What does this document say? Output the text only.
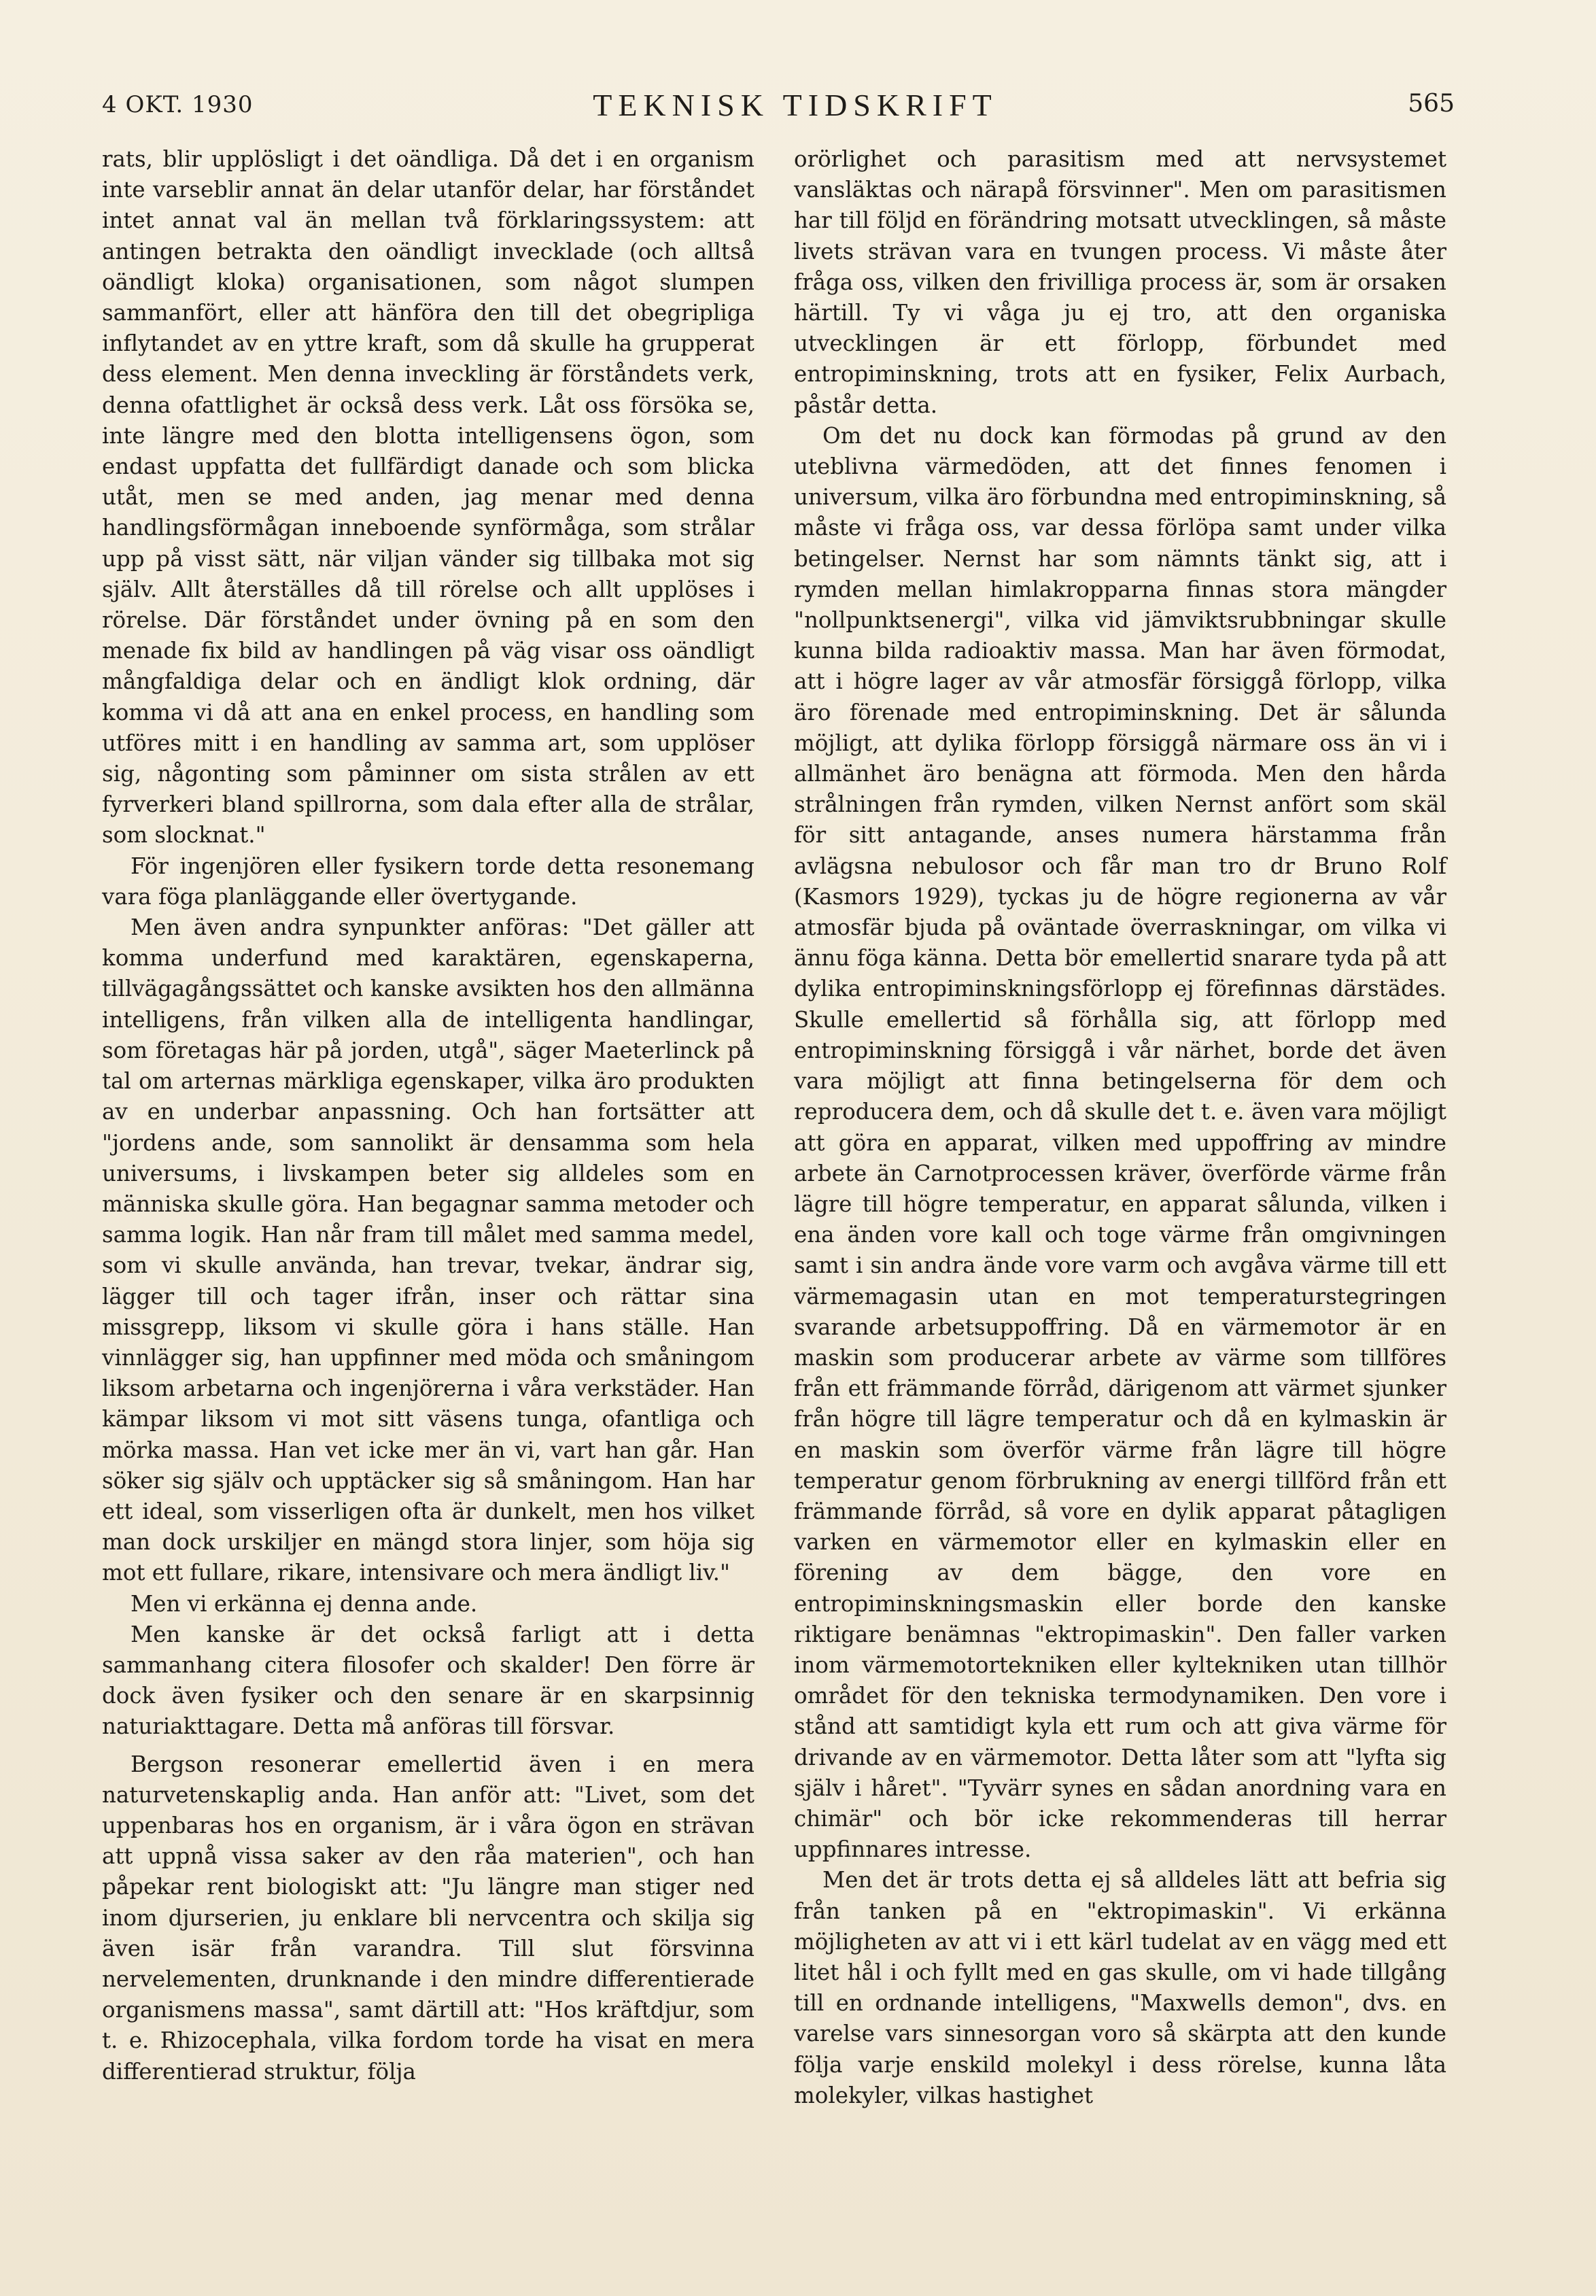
4 OKT. 1930	TEKNISK TIDSKRIFT	565

rats, blir upplösligt i det oändliga. Då det i en organism inte varseblir annat än delar utanför delar, har förståndet intet annat val än mellan två förklaringssystem: att antingen betrakta den oändligt invecklade (och alltså oändligt kloka) organisationen, som något slumpen sammanfört, eller att hänföra den till det obegripliga inflytandet av en yttre kraft, som då skulle ha grupperat dess element. Men denna inveckling är förståndets verk, denna ofattlighet är också dess verk. Låt oss försöka se, inte längre med den blotta intelligensens ögon, som endast uppfatta det fullfärdigt danade och som blicka utåt, men se med anden, jag menar med denna handlingsförmågan inneboende synförmåga, som strålar upp på visst sätt, när viljan vänder sig tillbaka mot sig själv. Allt återställes då till rörelse och allt upplöses i rörelse. Där förståndet under övning på en som den menade fix bild av handlingen på väg visar oss oändligt mångfaldiga delar och en ändligt klok ordning, där komma vi då att ana en enkel process, en handling som utföres mitt i en handling av samma art, som upplöser sig, någonting som påminner om sista strålen av ett fyrverkeri bland spillrorna, som dala efter alla de strålar, som slocknat."

För ingenjören eller fysikern torde detta resonemang vara föga planläggande eller övertygande.

Men även andra synpunkter anföras: "Det gäller att komma underfund med karaktären, egenskaperna, tillvägagångssättet och kanske avsikten hos den allmänna intelligens, från vilken alla de intelligenta handlingar, som företagas här på jorden, utgå", säger Maeterlinck på tal om arternas märkliga egenskaper, vilka äro produkten av en underbar anpassning. Och han fortsätter att "jordens ande, som sannolikt är densamma som hela universums, i livskampen beter sig alldeles som en människa skulle göra. Han begagnar samma metoder och samma logik. Han når fram till målet med samma medel, som vi skulle använda, han trevar, tvekar, ändrar sig, lägger till och tager ifrån, inser och rättar sina missgrepp, liksom vi skulle göra i hans ställe. Han vinnlägger sig, han uppfinner med möda och småningom liksom arbetarna och ingenjörerna i våra verkstäder. Han kämpar liksom vi mot sitt väsens tunga, ofantliga och mörka massa. Han vet icke mer än vi, vart han går. Han söker sig själv och upptäcker sig så småningom. Han har ett ideal, som visserligen ofta är dunkelt, men hos vilket man dock urskiljer en mängd stora linjer, som höja sig mot ett fullare, rikare, intensivare och mera ändligt liv."

Men vi erkänna ej denna ande.

Men kanske är det också farligt att i detta sammanhang citera filosofer och skalder! Den förre är dock även fysiker och den senare är en skarpsinnig naturiakttagare. Detta må anföras till försvar.

Bergson resonerar emellertid även i en mera naturvetenskaplig anda. Han anför att: "Livet, som det uppenbaras hos en organism, är i våra ögon en strävan att uppnå vissa saker av den råa materien", och han påpekar rent biologiskt att: "Ju längre man stiger ned inom djurserien, ju enklare bli nervcentra och skilja sig även isär från varandra. Till slut försvinna nervelementen, drunknande i den mindre differentierade organismens massa", samt därtill att: "Hos kräftdjur, som t. e. Rhizocephala, vilka fordom torde ha visat en mera differentierad struktur, följa

orörlighet och parasitism med att nervsystemet vansläktas och närapå försvinner". Men om parasitismen har till följd en förändring motsatt utvecklingen, så måste livets strävan vara en tvungen process. Vi måste åter fråga oss, vilken den frivilliga process är, som är orsaken härtill. Ty vi våga ju ej tro, att den organiska utvecklingen är ett förlopp, förbundet med entropiminskning, trots att en fysiker, Felix Aurbach, påstår detta.

Om det nu dock kan förmodas på grund av den uteblivna värmedöden, att det finnes fenomen i universum, vilka äro förbundna med entropiminskning, så måste vi fråga oss, var dessa förlöpa samt under vilka betingelser. Nernst har som nämnts tänkt sig, att i rymden mellan himlakropparna finnas stora mängder "nollpunktsenergi", vilka vid jämviktsrubbningar skulle kunna bilda radioaktiv massa. Man har även förmodat, att i högre lager av vår atmosfär försiggå förlopp, vilka äro förenade med entropiminskning. Det är sålunda möjligt, att dylika förlopp försiggå närmare oss än vi i allmänhet äro benägna att förmoda. Men den hårda strålningen från rymden, vilken Nernst anfört som skäl för sitt antagande, anses numera härstamma från avlägsna nebulosor och får man tro dr Bruno Rolf (Kasmors 1929), tyckas ju de högre regionerna av vår atmosfär bjuda på oväntade överraskningar, om vilka vi ännu föga känna. Detta bör emellertid snarare tyda på att dylika entropiminskningsförlopp ej förefinnas därstädes. Skulle emellertid så förhålla sig, att förlopp med entropiminskning försiggå i vår närhet, borde det även vara möjligt att finna betingelserna för dem och reproducera dem, och då skulle det t. e. även vara möjligt att göra en apparat, vilken med uppoffring av mindre arbete än Carnotprocessen kräver, överförde värme från lägre till högre temperatur, en apparat sålunda, vilken i ena änden vore kall och toge värme från omgivningen samt i sin andra ände vore varm och avgåva värme till ett värmemagasin utan en mot temperaturstegringen svarande arbetsuppoffring. Då en värmemotor är en maskin som producerar arbete av värme som tillföres från ett främmande förråd, därigenom att värmet sjunker från högre till lägre temperatur och då en kylmaskin är en maskin som överför värme från lägre till högre temperatur genom förbrukning av energi tillförd från ett främmande förråd, så vore en dylik apparat påtagligen varken en värmemotor eller en kylmaskin eller en förening av dem bägge, den vore en entropiminskningsmaskin eller borde den kanske riktigare benämnas "ektropimaskin". Den faller varken inom värmemotortekniken eller kyltekniken utan tillhör området för den tekniska termodynamiken. Den vore i stånd att samtidigt kyla ett rum och att giva värme för drivande av en värmemotor. Detta låter som att "lyfta sig själv i håret". "Tyvärr synes en sådan anordning vara en chimär" och bör icke rekommenderas till herrar uppfinnares intresse.

Men det är trots detta ej så alldeles lätt att befria sig från tanken på en "ektropimaskin". Vi erkänna möjligheten av att vi i ett kärl tudelat av en vägg med ett litet hål i och fyllt med en gas skulle, om vi hade tillgång till en ordnande intelligens, "Maxwells demon", dvs. en varelse vars sinnesorgan voro så skärpta att den kunde följa varje enskild molekyl i dess rörelse, kunna låta molekyler, vilkas hastighet
